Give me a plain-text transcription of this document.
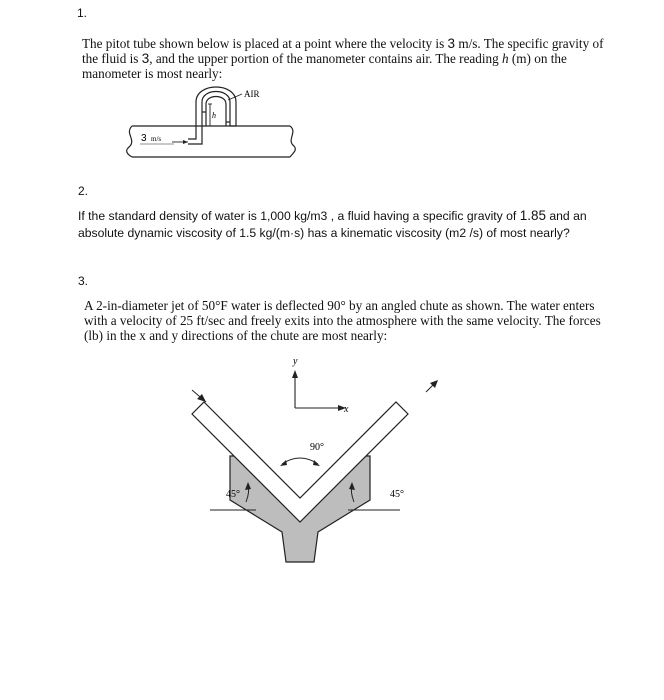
1.
The pitot tube shown below is placed at a point where the velocity is 3 m/s. The specific gravity of the fluid is 3, and the upper portion of the manometer contains air. The reading h (m) on the manometer is most nearly:
AIR
h
3 m/s
2.
If the standard density of water is 1,000 kg/m3 , a fluid having a specific gravity of 1.85 and an absolute dynamic viscosity of 1.5 kg/(m·s) has a kinematic viscosity (m2 /s) of most nearly?
3.
A 2-in-diameter jet of 50°F water is deflected 90° by an angled chute as shown. The water enters with a velocity of 25 ft/sec and freely exits into the atmosphere with the same velocity. The forces (lb) in the x and y directions of the chute are most nearly:
y
x
90°
45°	45°
